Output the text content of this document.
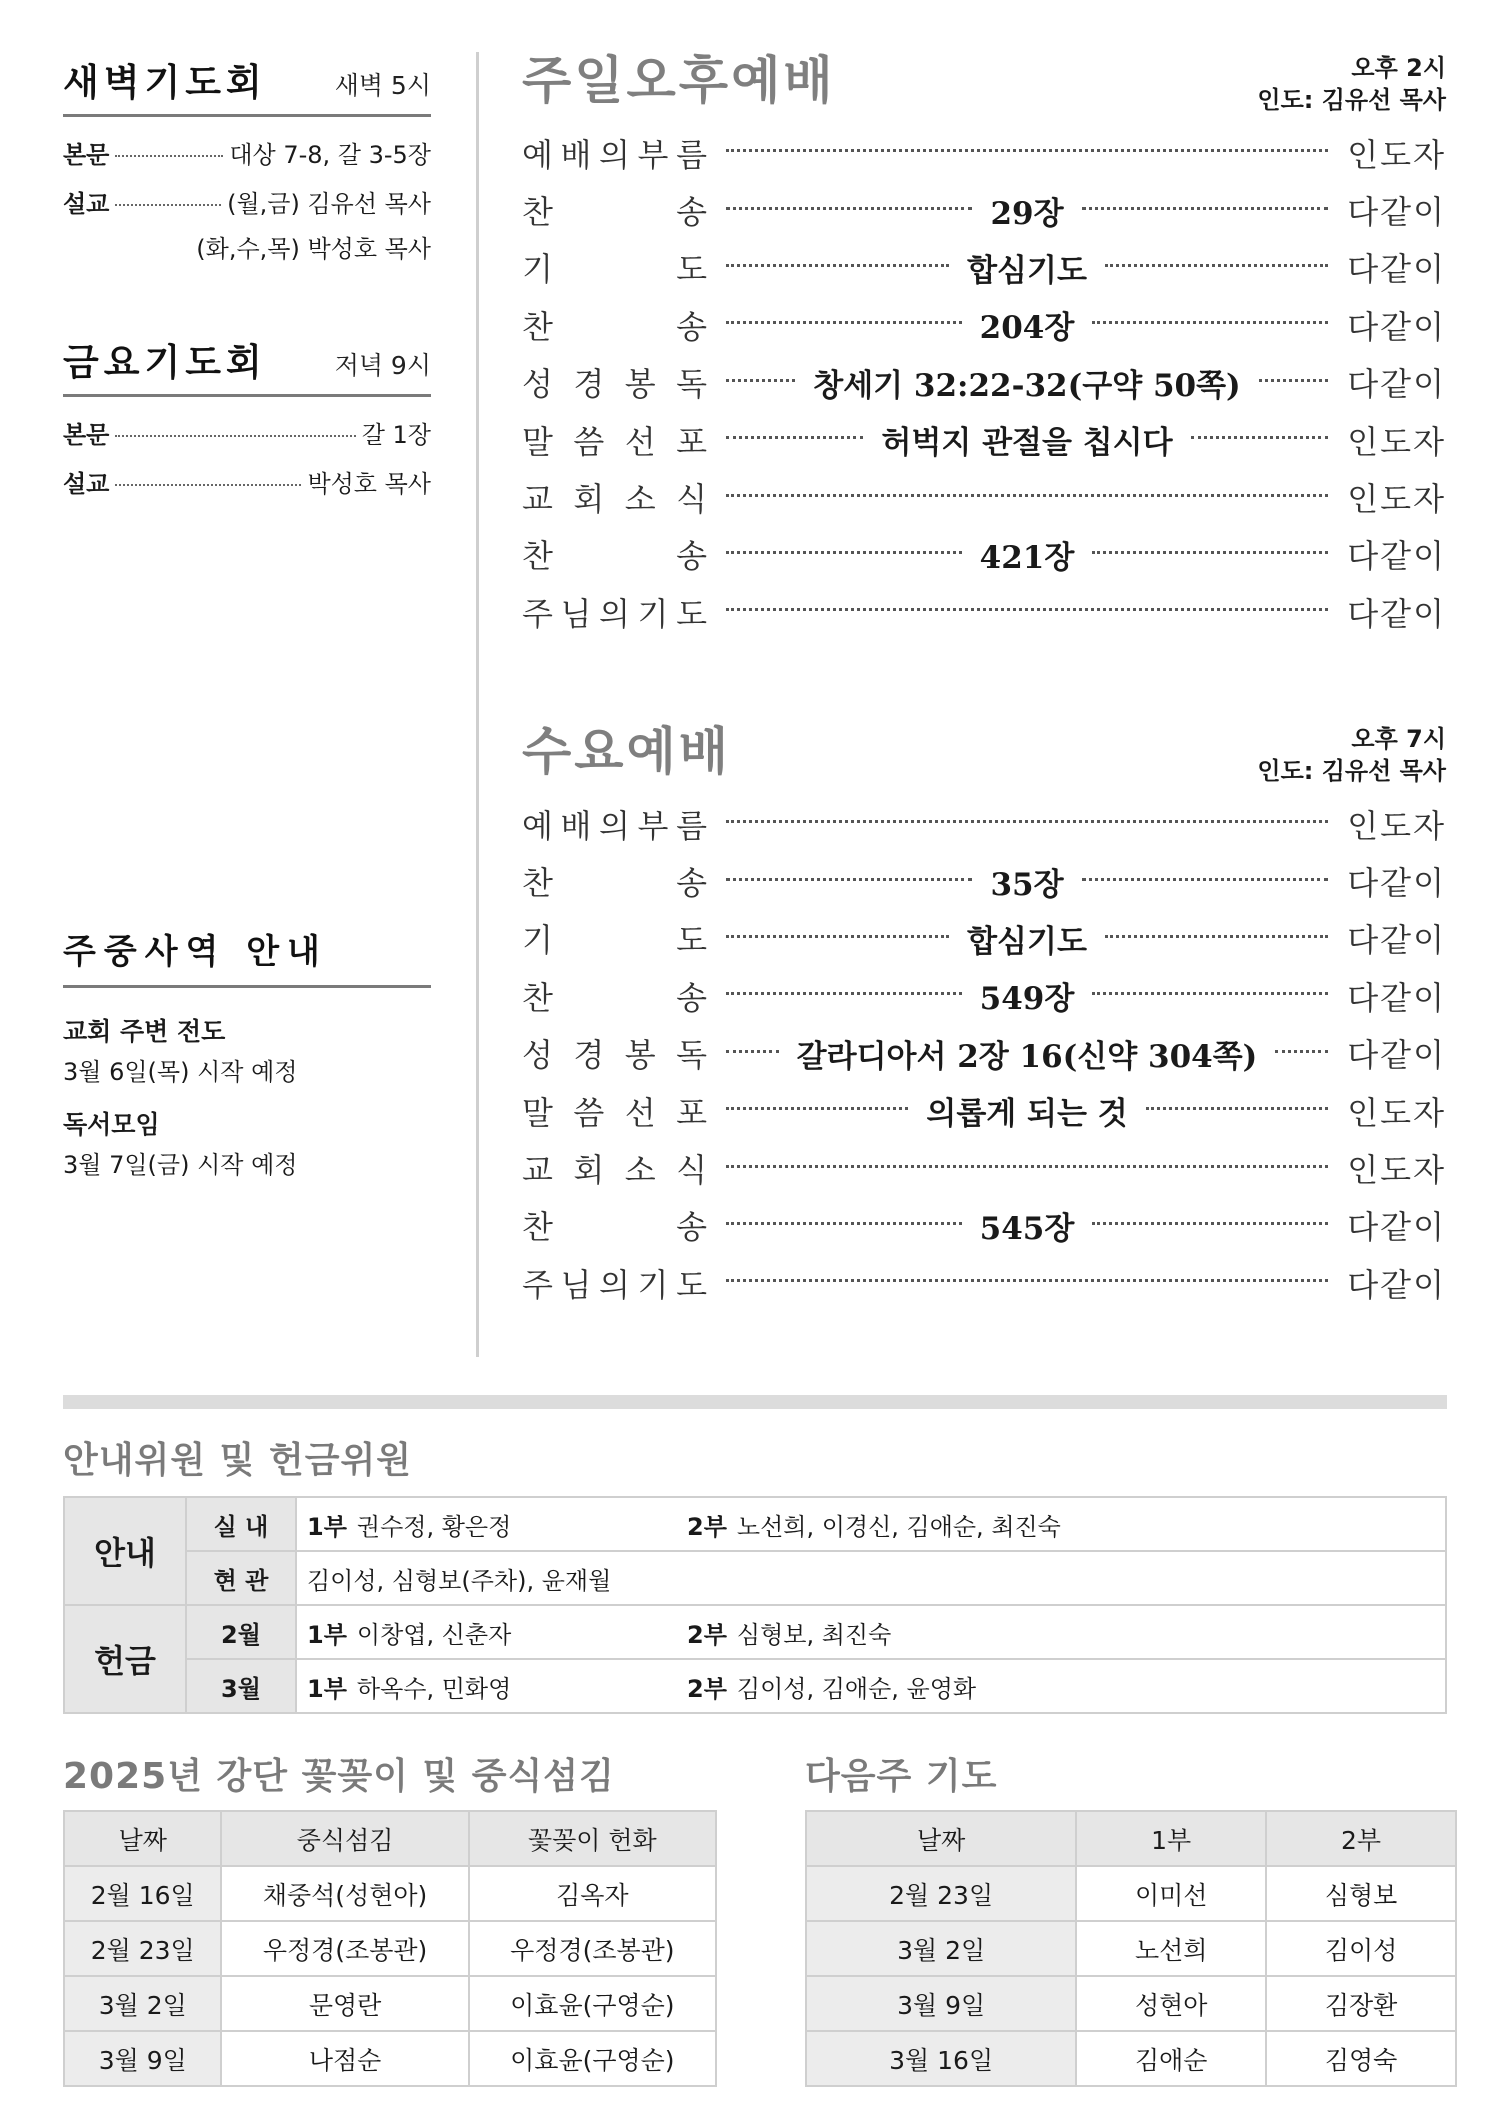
새벽기도회	새벽 5시
본문	대상 7-8, 갈 3-5장
설교	(월,금) 김유선 목사
(화,수,목) 박성호 목사
금요기도회	저녁 9시
본문	갈 1장
설교	박성호 목사
주중사역 안내
교회 주변 전도

3월 6일(목) 시작 예정

독서모임

3월 7일(금) 시작 예정

주일오후예배	오후 2시
인도: 김유선 목사
예 배 의 부 름	인도자
찬	송	29장	다같이
기	도	합심기도	다같이
찬	송	204장	다같이
성 경 봉 독	창세기 32:22-32(구약 50쪽)	다같이
말 씀 선 포	허벅지 관절을 칩시다	인도자
교 회 소 식	인도자
찬	송	421장	다같이
주 님 의 기 도	다같이
수요예배	오후 7시
인도: 김유선 목사
예 배 의 부 름	인도자
찬	송	35장	다같이
기	도	합심기도	다같이
찬	송	549장	다같이
성 경 봉 독	갈라디아서 2장 16(신약 304쪽)	다같이
말 씀 선 포	의롭게 되는 것	인도자
교 회 소 식	인도자
찬	송	545장	다같이
주 님 의 기 도	다같이
안내위원 및 헌금위원
안내	실 내	1부 권수정, 황은정 2부 노선희, 이경신, 김애순, 최진숙
	현 관	김이성, 심형보(주차), 윤재월
헌금	2월	1부 이창엽, 신춘자 2부 심형보, 최진숙
	3월	1부 하옥수, 민화영 2부 김이성, 김애순, 윤영화
2025년 강단 꽃꽂이 및 중식섬김
날짜	중식섬김	꽃꽂이 헌화
2월 16일	채중석(성현아)	김옥자
2월 23일	우정경(조봉관)	우정경(조봉관)
3월 2일	문영란	이효윤(구영순)
3월 9일	나점순	이효윤(구영순)
다음주 기도
날짜	1부	2부
2월 23일	이미선	심형보
3월 2일	노선희	김이성
3월 9일	성현아	김장환
3월 16일	김애순	김영숙
